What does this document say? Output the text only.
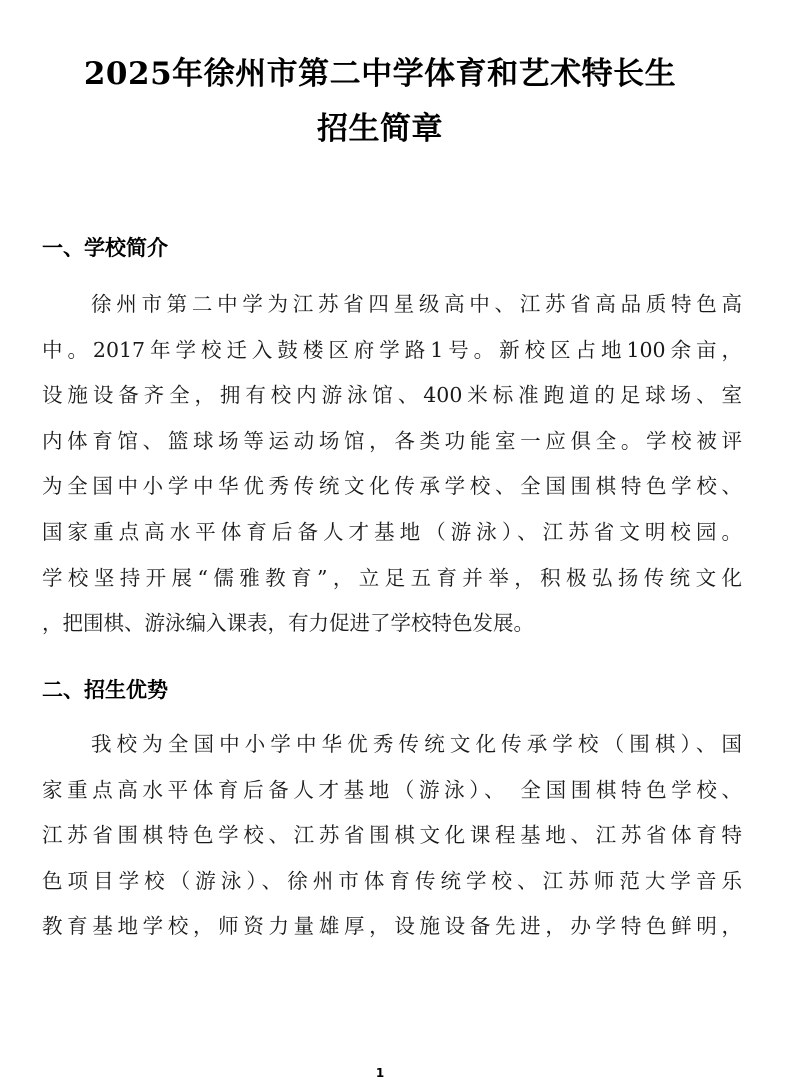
2025年徐州市第二中学体育和艺术特长生
招生简章
一、学校简介
徐州市第二中学为江苏省四星级高中、江苏省高品质特色高
中。2017年学校迁入鼓楼区府学路1号。新校区占地100余亩，
设施设备齐全，拥有校内游泳馆、400米标准跑道的足球场、室
内体育馆、篮球场等运动场馆，各类功能室一应俱全。学校被评
为全国中小学中华优秀传统文化传承学校、全国围棋特色学校、
国家重点高水平体育后备人才基地（游泳）、江苏省文明校园。
学校坚持开展“儒雅教育”，立足五育并举，积极弘扬传统文化
，把围棋、游泳编入课表，有力促进了学校特色发展。
二、招生优势
我校为全国中小学中华优秀传统文化传承学校（围棋）、国
家重点高水平体育后备人才基地（游泳）、 全国围棋特色学校、
江苏省围棋特色学校、江苏省围棋文化课程基地、江苏省体育特
色项目学校（游泳）、徐州市体育传统学校、江苏师范大学音乐
教育基地学校，师资力量雄厚，设施设备先进，办学特色鲜明，
1
